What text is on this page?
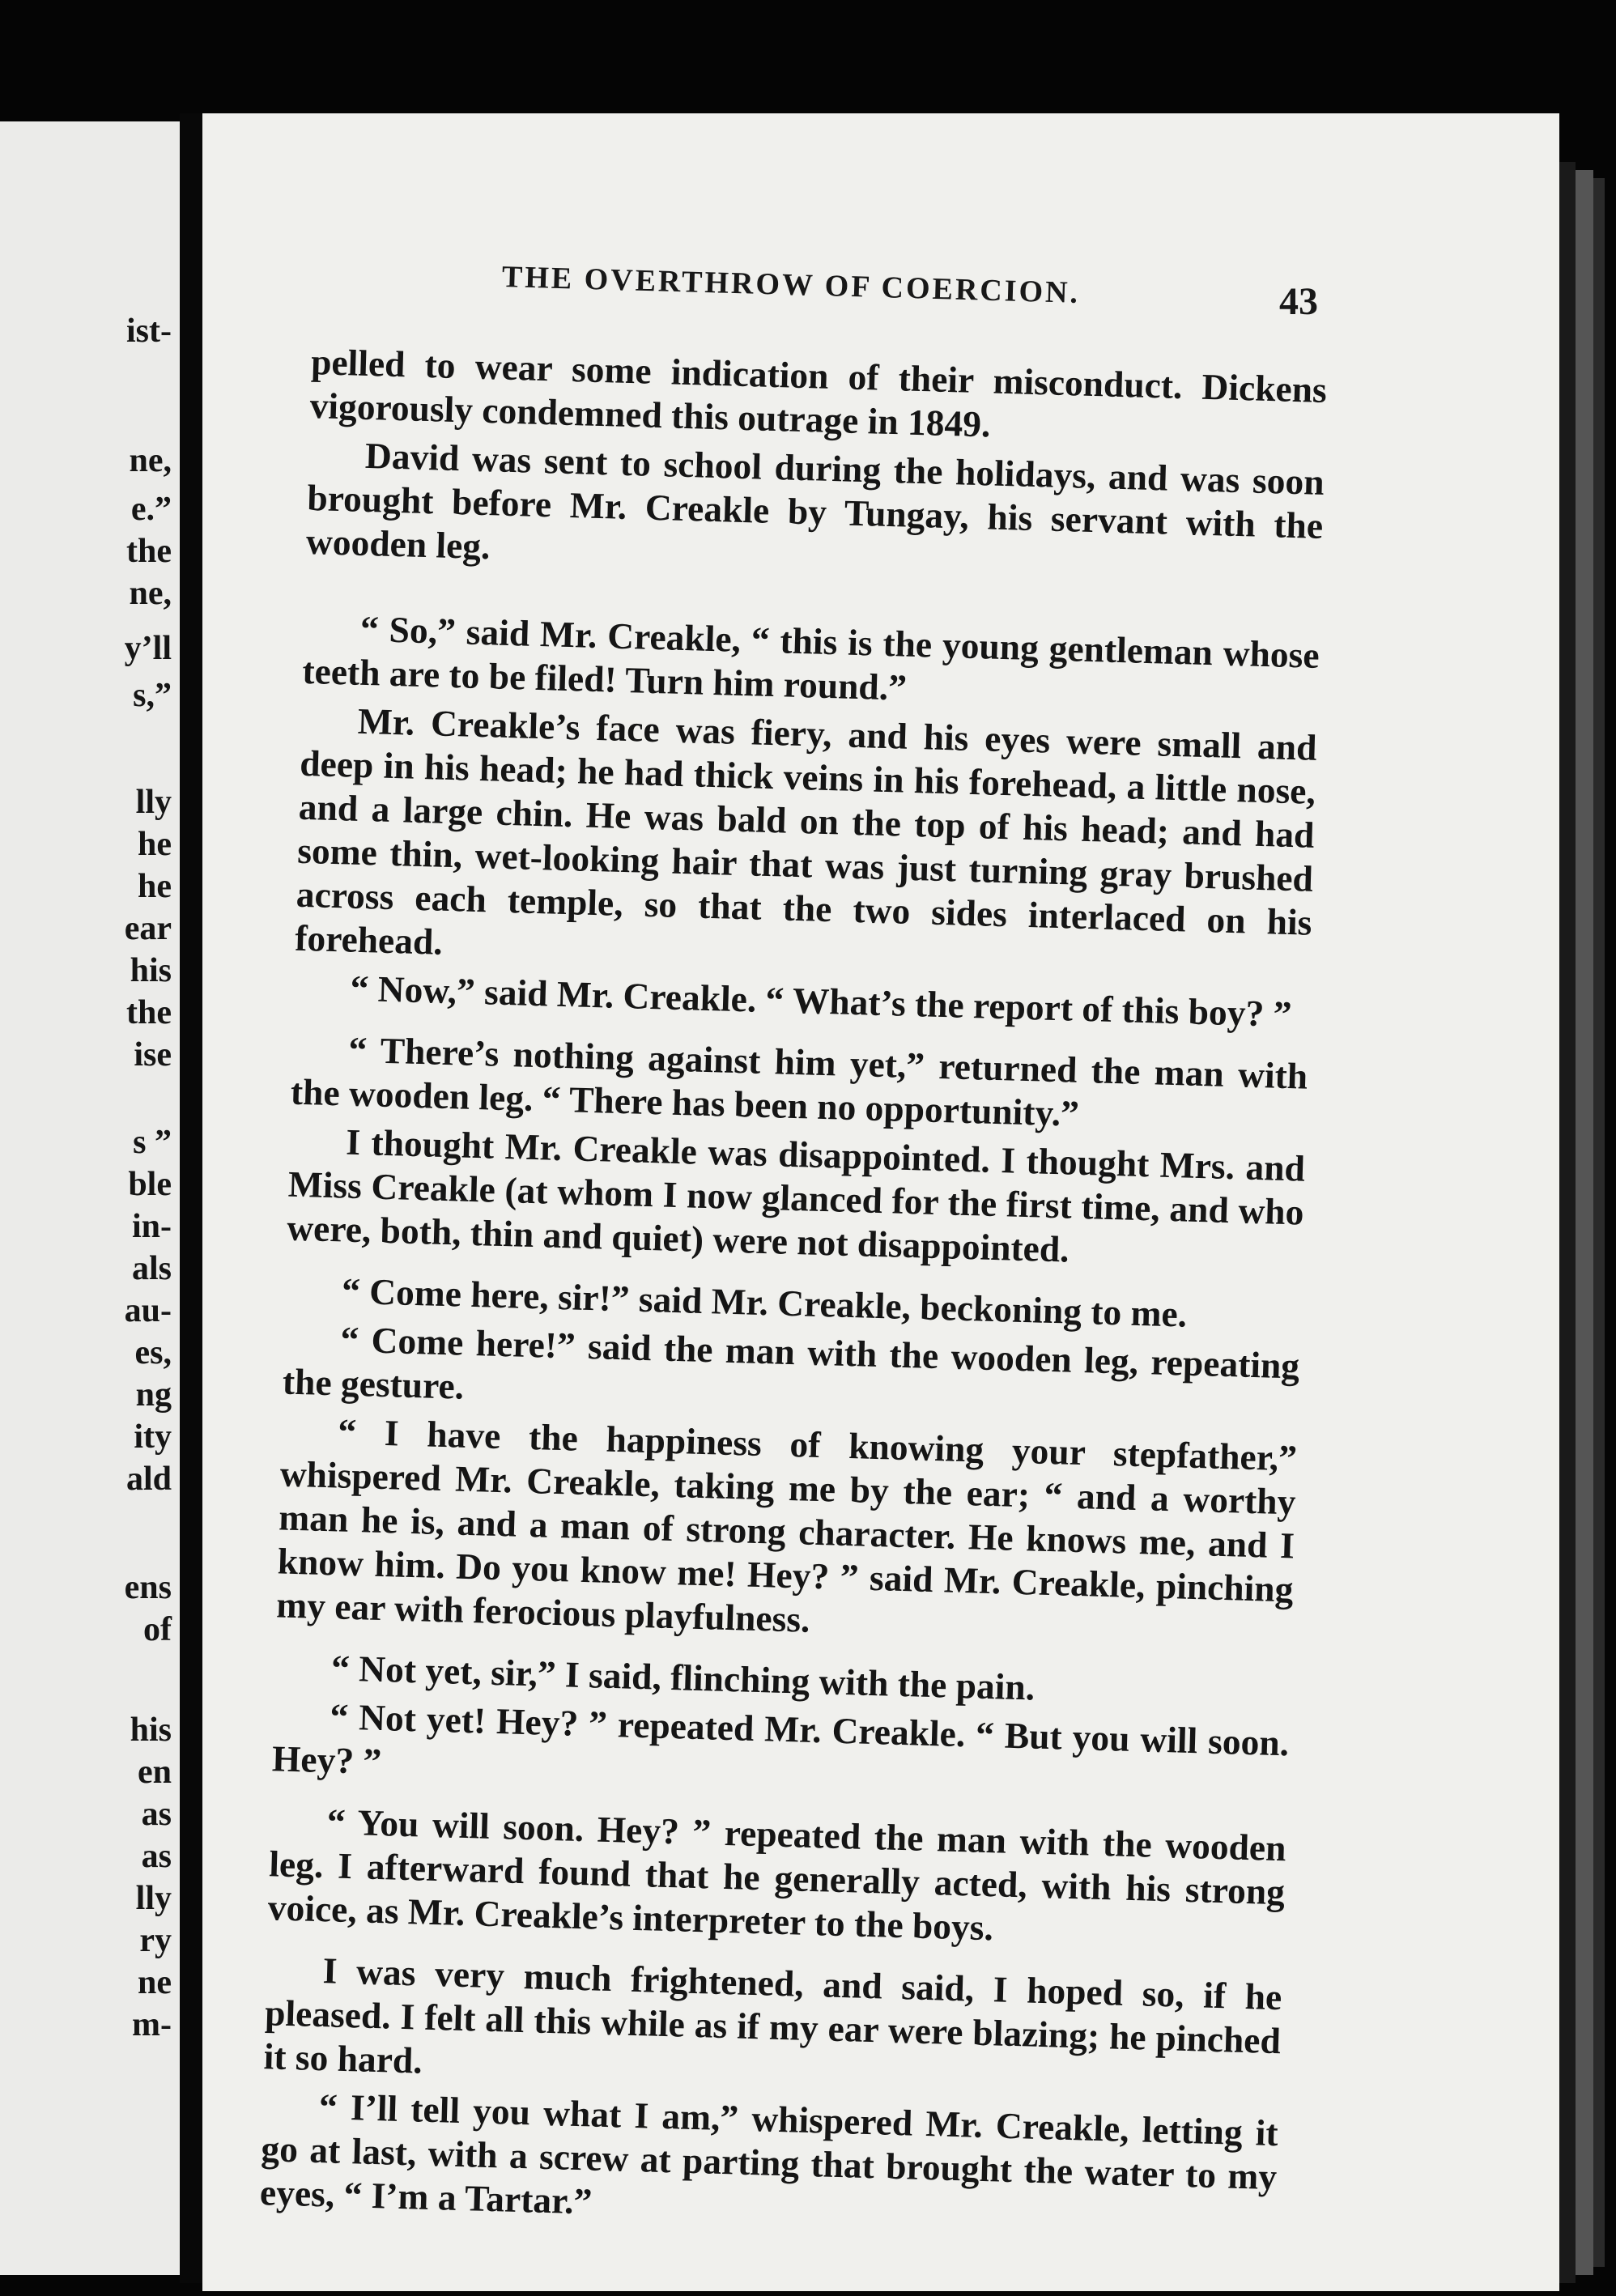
ist-
ne,
e.”
the
ne,
y’ll
s,”
lly
he
he
ear
his
the
ise
s ”
ble
in-
als
au-
es,
ng
ity
ald
ens
of
his
en
as
as
lly
ry
ne
m-
THE OVERTHROW OF COERCION.	43

pelled to wear some indication of their misconduct. Dickens vigorously condemned this outrage in 1849.

David was sent to school during the holidays, and was soon brought before Mr. Creakle by Tungay, his servant with the wooden leg.

“ So,” said Mr. Creakle, “ this is the young gentleman whose teeth are to be filed! Turn him round.”

Mr. Creakle’s face was fiery, and his eyes were small and deep in his head; he had thick veins in his forehead, a little nose, and a large chin. He was bald on the top of his head; and had some thin, wet-looking hair that was just turning gray brushed across each temple, so that the two sides interlaced on his forehead.

“ Now,” said Mr. Creakle. “ What’s the report of this boy? ”

“ There’s nothing against him yet,” returned the man with the wooden leg. “ There has been no opportunity.”

I thought Mr. Creakle was disappointed. I thought Mrs. and Miss Creakle (at whom I now glanced for the first time, and who were, both, thin and quiet) were not disappointed.

“ Come here, sir!” said Mr. Creakle, beckoning to me.

“ Come here!” said the man with the wooden leg, repeating the gesture.

“ I have the happiness of knowing your stepfather,” whispered Mr. Creakle, taking me by the ear; “ and a worthy man he is, and a man of strong character. He knows me, and I know him. Do you know me! Hey? ” said Mr. Creakle, pinching my ear with ferocious playfulness.

“ Not yet, sir,” I said, flinching with the pain.

“ Not yet! Hey? ” repeated Mr. Creakle. “ But you will soon. Hey? ”

“ You will soon. Hey? ” repeated the man with the wooden leg. I afterward found that he generally acted, with his strong voice, as Mr. Creakle’s interpreter to the boys.

I was very much frightened, and said, I hoped so, if he pleased. I felt all this while as if my ear were blazing; he pinched it so hard.

“ I’ll tell you what I am,” whispered Mr. Creakle, letting it go at last, with a screw at parting that brought the water to my eyes, “ I’m a Tartar.”
